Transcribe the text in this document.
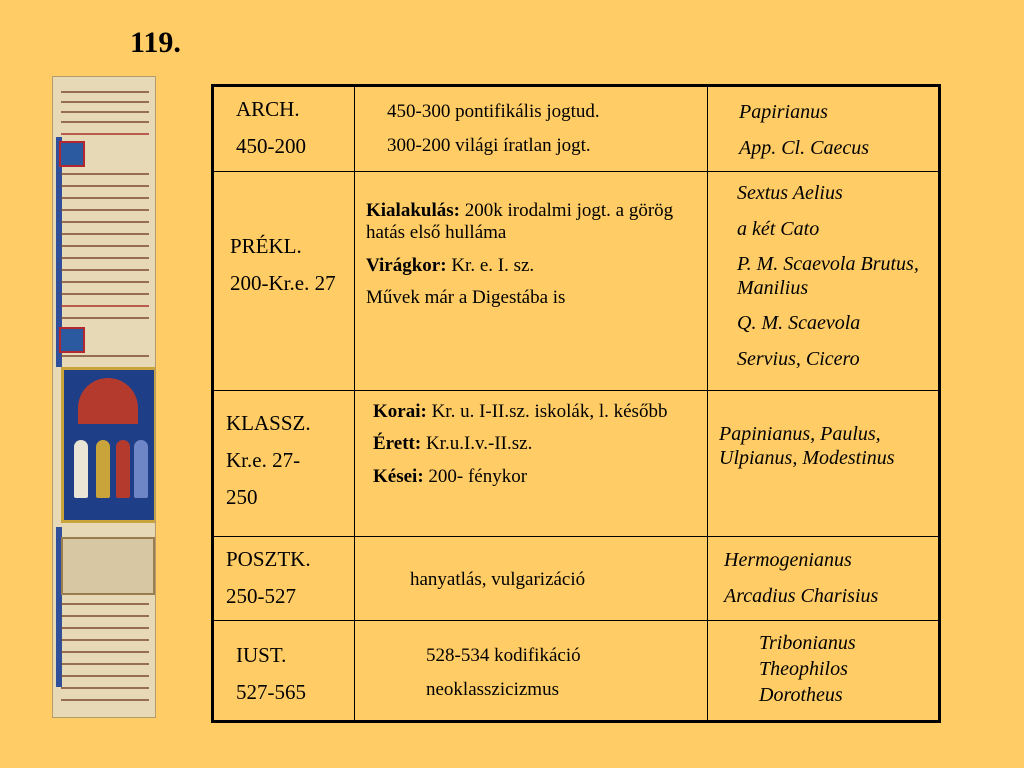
119.

ARCH.

450-200

450-300 pontifikális jogtud.

300-200 világi íratlan jogt.

Papirianus

App. Cl. Caecus

PRÉKL.

200-Kr.e. 27

Kialakulás: 200k irodalmi jogt. a görög hatás első hulláma

Virágkor: Kr. e. I. sz.

Művek már a Digestába is

Sextus Aelius

a két Cato

P. M. Scaevola Brutus, Manilius

Q. M. Scaevola

Servius, Cicero

KLASSZ.

Kr.e. 27-

250

Korai: Kr. u. I-II.sz. iskolák, l. később

Érett: Kr.u.I.v.-II.sz.

Kései: 200- fénykor

Papinianus, Paulus, Ulpianus, Modestinus

POSZTK.

250-527

hanyatlás, vulgarizáció

Hermogenianus

Arcadius Charisius

IUST.

527-565

528-534 kodifikáció

neoklasszicizmus

Tribonianus Theophilos Dorotheus
